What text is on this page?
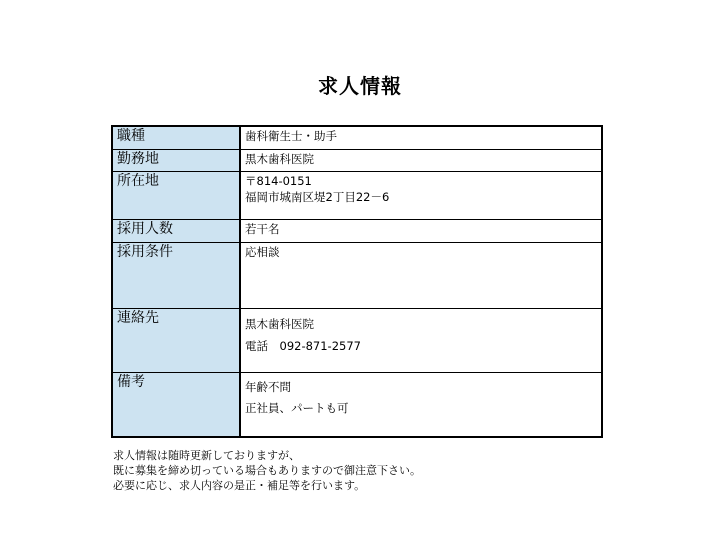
求人情報
職種	歯科衛生士・助手

勤務地	黒木歯科医院

所在地	〒814-0151
福岡市城南区堤2丁目22－6

採用人数	若干名

採用条件	応相談

連絡先	黒木歯科医院
電話　092-871-2577

備考	年齢不問
正社員、パートも可
求人情報は随時更新しておりますが、
既に募集を締め切っている場合もありますので御注意下さい。
必要に応じ、求人内容の是正・補足等を行います。
